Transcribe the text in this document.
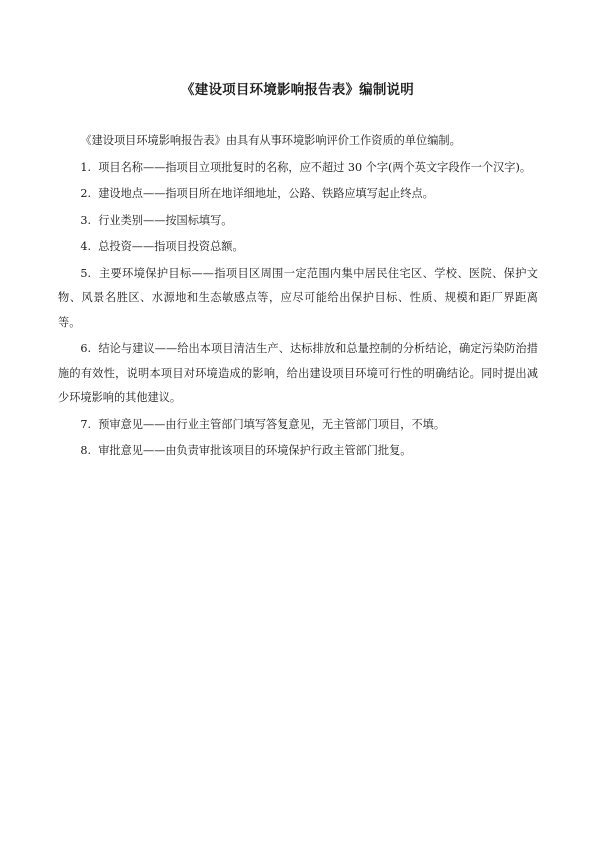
《建设项目环境影响报告表》编制说明

《建设项目环境影响报告表》由具有从事环境影响评价工作资质的单位编制。

1. 项目名称——指项目立项批复时的名称，应不超过 30 个字(两个英文字段作一个汉字)。

2. 建设地点——指项目所在地详细地址，公路、铁路应填写起止终点。

3. 行业类别——按国标填写。

4. 总投资——指项目投资总额。

5. 主要环境保护目标——指项目区周围一定范围内集中居民住宅区、学校、医院、保护文物、风景名胜区、水源地和生态敏感点等，应尽可能给出保护目标、性质、规模和距厂界距离等。

6. 结论与建议——给出本项目清洁生产、达标排放和总量控制的分析结论，确定污染防治措施的有效性，说明本项目对环境造成的影响，给出建设项目环境可行性的明确结论。同时提出减少环境影响的其他建议。

7. 预审意见——由行业主管部门填写答复意见，无主管部门项目，不填。

8. 审批意见——由负责审批该项目的环境保护行政主管部门批复。
